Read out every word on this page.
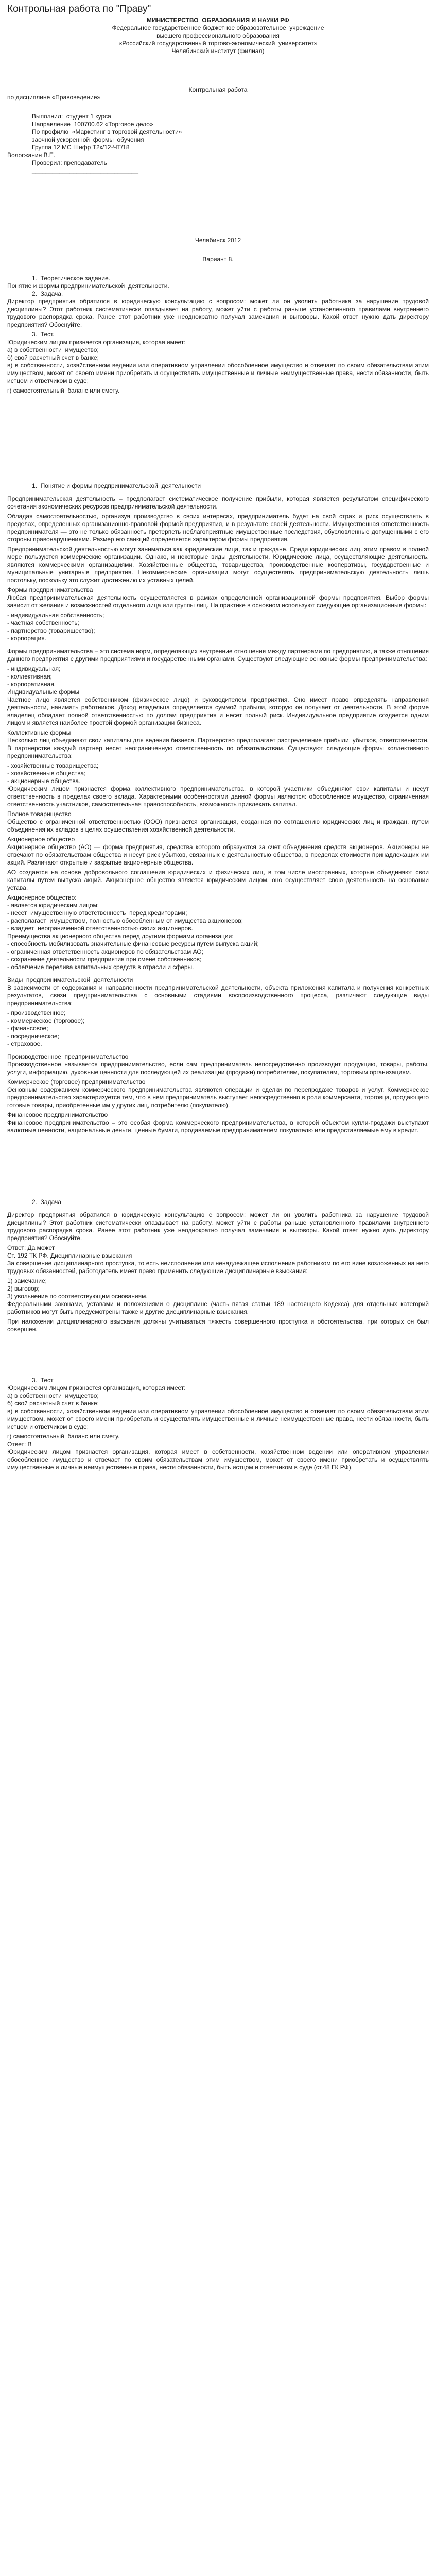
Контрольная работа по "Праву"
МИНИСТЕРСТВО  ОБРАЗОВАНИЯ И НАУКИ РФ
Федеральное государственное бюджетное образовательное  учреждение
высшего профессионального образования
«Российский государственный торгово-экономический  университет»
Челябинский институт (филиал)
Контрольная работа
по дисциплине «Правоведение»
Выполнил:  студент 1 курса
Направление  100700.62 «Торговое дело»
По профилю  «Маркетинг в торговой деятельности»
заочной ускоренной  формы  обучения
Группа 12 МС Шифр Т2к/12-ЧТ/18
Вологжанин В.Е.
Проверил: преподаватель
_______________________________
Челябинск 2012
Вариант 8.
1.  Теоретическое задание.
Понятие и формы предпринимательской  деятельности.
2.  Задача.

Директор предприятия обратился в юридическую консультацию с вопросом: может ли он уволить работника за нарушение трудовой дисциплины? Этот работник систематически опаздывает на работу, может уйти с работы раньше установленного правилами внутреннего трудового распорядка срока. Ранее этот работник уже неоднократно получал замечания и выговоры. Какой ответ нужно дать директору предприятия? Обоснуйте.

3.  Тест.
Юридическим лицом признается организация, которая имеет:
а) в собственности  имущество;
б) свой расчетный счет в банке;

в) в собственности, хозяйственном ведении или оперативном управлении обособленное имущество и отвечает по своим обязательствам этим имуществом, может от своего имени приобретать и осуществлять имущественные и личные неимущественные права, нести обязанности, быть истцом и ответчиком в суде;

г) самостоятельный  баланс или смету.
1.  Понятие и формы предпринимательской  деятельности

Предпринимательская деятельность – предполагает систематическое получение прибыли, которая является результатом специфического сочетания экономических ресурсов предпринимательской деятельности.

Обладая самостоятельностью, организуя производство в своих интересах, предприниматель будет на свой страх и риск осуществлять в пределах, определенных организационно-правовой формой предприятия, и в результате своей деятельности. Имущественная ответственность предпринимателя — это не только обязанность претерпеть неблагоприятные имущественные последствия, обусловленные допущенными с его стороны правонарушениями. Размер его санкций определяется характером формы предприятия.

Предпринимательской деятельностью могут заниматься как юридические лица, так и граждане. Среди юридических лиц, этим правом в полной мере пользуются коммерческие организации. Однако, и некоторые виды деятельности. Юридические лица, осуществляющие деятельность, являются коммерческими организациями. Хозяйственные общества, товарищества, производственные кооперативы, государственные и муниципальные унитарные предприятия. Некоммерческие организации могут осуществлять предпринимательскую деятельность лишь постольку, поскольку это служит достижению их уставных целей.

Формы предпринимательства

Любая предпринимательская деятельность осуществляется в рамках определенной организационной формы предприятия. Выбор формы зависит от желания и возможностей отдельного лица или группы лиц. На практике в основном используют следующие организационные формы:

- индивидуальная собственность;
- частная собственность;
- партнерство (товарищество);
- корпорация.

Формы предпринимательства – это система норм, определяющих внутренние отношения между партнерами по предприятию, а также отношения данного предприятия с другими предприятиями и государственными органами. Существуют следующие основные формы предпринимательства:

- индивидуальная;
- коллективная;
- корпоративная.
Индивидуальные формы

Частное лицо является собственником (физическое лицо) и руководителем предприятия. Оно имеет право определять направления деятельности, нанимать работников. Доход владельца определяется суммой прибыли, которую он получает от деятельности. В этой форме владелец обладает полной ответственностью по долгам предприятия и несет полный риск. Индивидуальное предприятие создается одним лицом и является наиболее простой формой организации бизнеса.

Коллективные формы

Несколько лиц объединяют свои капиталы для ведения бизнеса. Партнерство предполагает распределение прибыли, убытков, ответственности. В партнерстве каждый партнер несет неограниченную ответственность по обязательствам. Существуют следующие формы коллективного предпринимательства:

- хозяйственные товарищества;
- хозяйственные общества;
- акционерные общества.

Юридическим лицом признается форма коллективного предпринимательства, в которой участники объединяют свои капиталы и несут ответственность в пределах своего вклада. Характерными особенностями данной формы являются: обособленное имущество, ограниченная ответственность участников, самостоятельная правоспособность, возможность привлекать капитал.

Полное товарищество

Общество с ограниченной ответственностью (ООО) признается организация, созданная по соглашению юридических лиц и граждан, путем объединения их вкладов в целях осуществления хозяйственной деятельности.

Акционерное общество

Акционерное общество (АО) — форма предприятия, средства которого образуются за счет объединения средств акционеров. Акционеры не отвечают по обязательствам общества и несут риск убытков, связанных с деятельностью общества, в пределах стоимости принадлежащих им акций. Различают открытые и закрытые акционерные общества.

АО создается на основе добровольного соглашения юридических и физических лиц, в том числе иностранных, которые объединяют свои капиталы путем выпуска акций. Акционерное общество является юридическим лицом, оно осуществляет свою деятельность на основании устава.

Акционерное общество:
- является юридическим лицом;
- несет  имущественную ответственность  перед кредиторами;
- располагает  имуществом, полностью обособленным от имущества акционеров;
- владеет  неограниченной ответственностью своих акционеров.
Преимущества акционерного общества перед другими формами организации:
- способность мобилизовать значительные финансовые ресурсы путем выпуска акций;
- ограниченная ответственность акционеров по обязательствам АО;
- сохранение деятельности предприятия при смене собственников;
- облегчение перелива капитальных средств в отрасли и сферы.
Виды  предпринимательской  деятельности

В зависимости от содержания и направленности предпринимательской деятельности, объекта приложения капитала и получения конкретных результатов, связи предпринимательства с основными стадиями воспроизводственного процесса, различают следующие виды предпринимательства:

- производственное;
- коммерческое (торговое);
- финансовое;
- посредническое;
- страховое.
Производственное  предпринимательство

Производственное называется предпринимательство, если сам предприниматель непосредственно производит продукцию, товары, работы, услуги, информацию, духовные ценности для последующей их реализации (продажи) потребителям, покупателям, торговым организациям.

Коммерческое (торговое) предпринимательство

Основным содержанием коммерческого предпринимательства являются операции и сделки по перепродаже товаров и услуг. Коммерческое предпринимательство характеризуется тем, что в нем предприниматель выступает непосредственно в роли коммерсанта, торговца, продающего готовые товары, приобретенные им у других лиц, потребителю (покупателю).

Финансовое предпринимательство

Финансовое предпринимательство – это особая форма коммерческого предпринимательства, в которой объектом купли-продажи выступают валютные ценности, национальные деньги, ценные бумаги, продаваемые предпринимателем покупателю или предоставляемые ему в кредит.

2.  Задача

Директор предприятия обратился в юридическую консультацию с вопросом: может ли он уволить работника за нарушение трудовой дисциплины? Этот работник систематически опаздывает на работу, может уйти с работы раньше установленного правилами внутреннего трудового распорядка срока. Ранее этот работник уже неоднократно получал замечания и выговоры. Какой ответ нужно дать директору предприятия? Обоснуйте.

Ответ: Да может
Ст. 192 ТК РФ. Дисциплинарные взыскания

За совершение дисциплинарного проступка, то есть неисполнение или ненадлежащее исполнение работником по его вине возложенных на него трудовых обязанностей, работодатель имеет право применить следующие дисциплинарные взыскания:

1) замечание;
2) выговор;
3) увольнение по соответствующим основаниям.

Федеральными законами, уставами и положениями о дисциплине (часть пятая статьи 189 настоящего Кодекса) для отдельных категорий работников могут быть предусмотрены также и другие дисциплинарные взыскания.

При наложении дисциплинарного взыскания должны учитываться тяжесть совершенного проступка и обстоятельства, при которых он был совершен.

3.  Тест
Юридическим лицом признается организация, которая имеет:
а) в собственности  имущество;
б) свой расчетный счет в банке;

в) в собственности, хозяйственном ведении или оперативном управлении обособленное имущество и отвечает по своим обязательствам этим имуществом, может от своего имени приобретать и осуществлять имущественные и личные неимущественные права, нести обязанности, быть истцом и ответчиком в суде;

г) самостоятельный  баланс или смету.
Ответ: В

Юридическим лицом признается организация, которая имеет в собственности, хозяйственном ведении или оперативном управлении обособленное имущество и отвечает по своим обязательствам этим имуществом, может от своего имени приобретать и осуществлять имущественные и личные неимущественные права, нести обязанности, быть истцом и ответчиком в суде (ст.48 ГК РФ).
